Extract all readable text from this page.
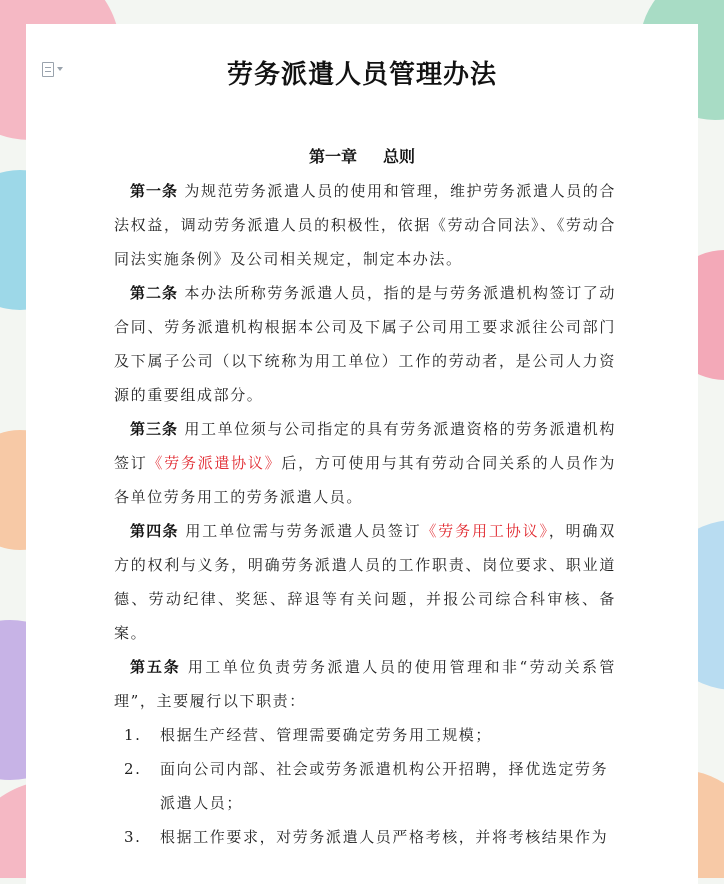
劳务派遣人员管理办法
第一章 总则

第一条 为规范劳务派遣人员的使用和管理，维护劳务派遣人员的合法权益，调动劳务派遣人员的积极性，依据《劳动合同法》、《劳动合同法实施条例》及公司相关规定，制定本办法。

第二条 本办法所称劳务派遣人员，指的是与劳务派遣机构签订了动合同、劳务派遣机构根据本公司及下属子公司用工要求派往公司部门及下属子公司（以下统称为用工单位）工作的劳动者，是公司人力资源的重要组成部分。

第三条 用工单位须与公司指定的具有劳务派遣资格的劳务派遣机构签订《劳务派遣协议》后，方可使用与其有劳动合同关系的人员作为各单位劳务用工的劳务派遣人员。

第四条 用工单位需与劳务派遣人员签订《劳务用工协议》，明确双方的权利与义务，明确劳务派遣人员的工作职责、岗位要求、职业道德、劳动纪律、奖惩、辞退等有关问题，并报公司综合科审核、备案。

第五条 用工单位负责劳务派遣人员的使用管理和非“劳动关系管理”，主要履行以下职责：

1.	根据生产经营、管理需要确定劳务用工规模；
2.	面向公司内部、社会或劳务派遣机构公开招聘，择优选定劳务派遣人员；
3.	根据工作要求，对劳务派遣人员严格考核，并将考核结果作为
